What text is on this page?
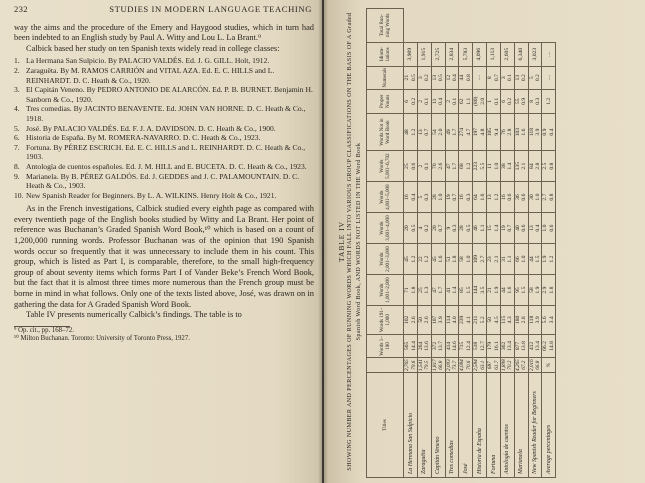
232	STUDIES IN MODERN LANGUAGE TEACHING

way the aims and the procedure of the Emery and Haygood studies, which in turn had been indebted to an English study by Paul A. Witty and Lou L. La Brant.⁹

Calbick based her study on ten Spanish texts widely read in college classes:

1. La Hermana San Sulpicio. By PALACIO VALDÉS. Ed. J. G. GILL. Holt, 1912.
2. Zaraguëta. By M. RAMOS CARRIÓN and VITAL AZA. Ed. E. C. HILLS and L. REINHARDT. D. C. Heath & Co., 1920.
3. El Capitán Veneno. By PEDRO ANTONIO DE ALARCÓN. Ed. P. B. BURNET. Benjamin H. Sanborn & Co., 1920.
4. Tres comedias. By JACINTO BENAVENTE. Ed. JOHN VAN HORNE. D. C. Heath & Co., 1918.
5. José. By PALACIO VALDÉS. Ed. F. J. A. DAVIDSON. D. C. Heath & Co., 1900.
6. Historia de España. By M. ROMERA-NAVARRO. D. C. Heath & Co., 1923.
7. Fortuna. By PÉREZ ESCRICH. Ed. E. C. HILLS and L. REINHARDT. D. C. Heath & Co., 1903.
8. Antología de cuentos españoles. Ed. J. M. HILL and E. BUCETA. D. C. Heath & Co., 1923.
9. Marianela. By B. PÉREZ GALDÓS. Ed. J. GEDDES and J. C. PALAMOUNTAIN. D. C. Heath & Co., 1903.
10. New Spanish Reader for Beginners. By L. A. WILKINS. Henry Holt & Co., 1921.

As in the French investigations, Calbick studied every eighth page as compared with every twentieth page of the English books studied by Witty and La Brant. Her point of reference was Buchanan’s Graded Spanish Word Book,¹⁰ which is based on a count of 1,200,000 running words. Professor Buchanan was of the opinion that 190 Spanish words occur so frequently that it was unnecessary to include them in his count. This group, which is listed as Part I, is comparable, therefore, to the small high-frequency group of about seventy items which forms Part I of Vander Beke’s French Word Book, but the fact that it is almost three times more numerous than the French group must be borne in mind in what follows. Only one of the texts listed above, José, was drawn on in gathering the data for A Graded Spanish Word Book.

Table IV presents numerically Calbick’s findings. The table is to

⁹ Op. cit., pp. 168–72.
¹⁰ Milton Buchanan. Toronto: University of Toronto Press, 1927.
TABLE IV SHOWING NUMBER AND PERCENTAGES OF RUNNING WORDS WHICH FALL INTO VARIOUS GROUP CLASSIFICATIONS ON THE BASIS OF A Graded Spanish Word Book, AND WORDS NOT LISTED IN THE Word Book
Titles		Words 1–190	Words 191–1,000	Words 1,001–2,000	Words 2,001–3,000	Words 3,001–4,000	Words 4,001–5,000	Words 5,001–6,702	Words Not in Word Book	Proper Nouns	Numerals	Idiom-lations	Total Run-ning Words
La Hermana San Sulpicio	2,765 79.6	565 14.4	102 2.6	71 1.8	45 1.2	20 0.5	16 0.4	25 0.6	48 1.2	6 0.2	21 0.5	3,909	

Zaraguëta	1,541 79.5	264 13.6	50 2.6	25 1.3	22 1.2	4 0.2	5 0.3	2 0.1	13 0.7	2 0.1	3 0.2	1,915	

Capitán Veneno	1,817 66.8	372 13.7	107 3.9	47 1.7	45 1.6	20 0.7	28 1.0	70 2.6	54 2.0	11 0.4	13 0.5	2,725	

Tres comedias	2,093 73.7	414 14.6	114 4.0	41 1.4	51 1.8	9 0.3	19 0.7	47 1.7	49 1.7	2 0.1	12 0.4	2,834	

José	4,084 70.6	715 12.4	239 4.1	85 1.5	58 1.0	28 0.5	16 0.3	68 1.2	274 4.7	62 1.1	44 0.8	5,783	

Historia de España	2,584 63.1	518 12.7	211 5.2	144 3.5	109 2.7	46 1.1	64 1.6	223 5.5	197 4.8	(80) 2.0	....	4,096	

Fortuna	687 61.7	179 16.1	50 4.5	21 1.9	23 2.1	15 1.4	13 1.2	11 1.0	105 9.4	1 0.1	8 0.7	1,113	

Antología de cuentos	1,898 70.2	362 13.4	115 4.3	44 1.6	31 1.1	19 0.7	16 0.6	38 1.4	76 2.8	6 0.2	3 0.1	2,605	

Marianela	4,265 67.2	877 13.8	180 2.8	95 1.5	66 1.0	40 0.6	36 0.6	135 2.1	103 1.6	55 0.9	13 0.2	6,340	

New Spanish Reader for Beginners	2,016 66.8	412 13.4	118 3.9	58 1.9	44 1.5	13 0.4	30 1.0	84 2.8	118 3.9	8 0.3	5 0.2	3,023	

Average percentages	%	66.2 14.8	5.6 3.4	2.9 1.8	1.9 1.2	1.0 0.6	2.7 0.8	2.5 0.8	0.9 0.4	1.2	....	....	
